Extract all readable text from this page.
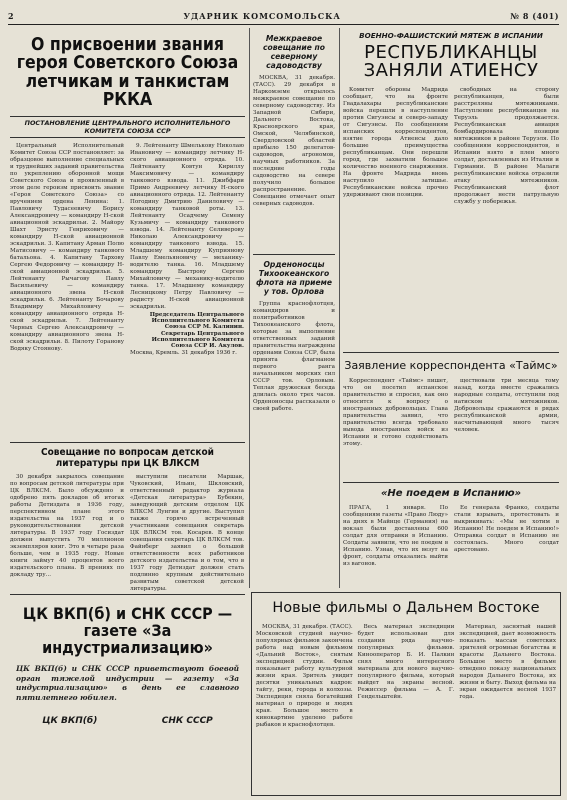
2	УДАРНИК КОМСОМОЛЬСКА	№ 8 (401)
О присвоении звания героя Советского Союза летчикам и танкистам РККА
ПОСТАНОВЛЕНИЕ ЦЕНТРАЛЬНОГО ИСПОЛНИТЕЛЬНОГО КОМИТЕТА СОЮЗА ССР

Центральный Исполнительный Комитет Союза ССР постановляет: за образцовое выполнение специальных и труднейших заданий правительства по укреплению оборонной мощи Советского Союза и проявленный в этом деле героизм присвоить звание «Героя Советского Союза» со вручением ордена Ленина: 1. Павловичу Тудасеевичу Борису Александровичу — командиру Н-ской авиационной эскадрильи. 2. Майору Шахт Эрнсту Генриховичу — командиру Н-ской авиационной эскадрильи. 3. Капитану Арман Полю Матисовичу — командиру танкового батальона. 4. Капитану Тархову Сергею Федоровичу — командиру Н-ской авиационной эскадрильи. 5. Лейтенанту Рычагову Павлу Васильевичу — командиру авиационного звена Н-ской эскадрильи. 6. Лейтенанту Бочарову Владимиру Михайловичу — командиру авиационного отряда Н-ской эскадрильи. 7. Лейтенанту Черных Сергею Александровичу — командиру авиационного звена Н-ской эскадрильи. 8. Пилоту Горанову Водяку Стоянову.

9. Лейтенанту Шмелькову Николаю Ивановичу — командиру летчику Н-ского авиационного отряда. 10. Лейтенанту Ковтун Кириллу Максимовичу — командиру танкового взвода. 11. Джибфари Примо Андреевичу летчику Н-ского авиационного отряда. 12. Лейтенанту Погодину Дмитрию Даниловичу — командиру танковой роты. 13. Лейтенанту Осадчему Семену Кузьмичу — командиру танкового взвода. 14. Лейтенанту Селиверову Николаю Александровичу — командиру танкового взвода. 15. Младшему командиру Куприянову Павлу Емельяновичу — механику-водителю танка. 16. Младшему командиру Быстрову Сергею Михайловичу — механику-водителю танка. 17. Младшему командиру Лесницкому Петру Павловичу — радисту Н-ской авиационной эскадрильи.

Председатель Центрального Исполнительного Комитета Союза ССР М. Калинин.

Секретарь Центрального Исполнительного Комитета Союза ССР И. Акулов.

Москва, Кремль. 31 декабря 1936 г.

Совещание по вопросам детской литературы при ЦК ВЛКСМ

30 декабря закрылось совещание по вопросам детской литературы при ЦК ВЛКСМ. Было обсуждено и одобрено пять докладов об итогах работы Детиздата в 1936 году, перспективном плане этого издательства на 1937 год и о руководительствовании детской литературы. В 1937 году Госиздат должен выпустить 70 миллионов экземпляров книг. Это в четыре раза больше, чем в 1935 году. Новые книги займут 40 процентов всего издательского плана. В прениях по докладу тру...

выступили писатели Маршак, Чуковский, Ильин, Шкловский, ответственный редактор журнала «Детская литература» Бубекин, заведующий детским отделом ЦК ВЛКСМ Лунгин и другие. Выступил также горячо встреченный участниками совещания секретарь ЦК ВЛКСМ тов. Косарев. В конце совещания секретарь ЦК ВЛКСМ тов. Файнберг заявил о большой ответственности всех работников детского издательства и о том, что в 1937 году Детиздат должен стать подлинно крупным действительно развитым советской детской литературы.

ЦК ВКП(б) и СНК СССР — газете «За индустриализацию»

ЦК ВКП(б) и СНК СССР приветствуют боевой орган тяжелой индустрии — газету «За индустриализацию» в день ее славного пятилетнего юбилея.

ЦК ВКП(б)	СНК СССР
Межкраевое совещание по северному садоводству

МОСКВА, 31 декабря. (ТАСС). 29 декабря в Наркомземе открылось межкраевое совещание по северному садоводству. Из Западной Сибири, Дальнего Востока, Красноярского края, Омской, Челябинской, Свердловской областей прибыло 150 делегатов-садоводов, агрономов, научных работников. За последние годы садоводство на севере получило большое распространение. Совещание отмечает опыт северных садоводов.

Орденоносцы Тихоокеанского флота на приеме у тов. Орлова

Группа краснофлотцев, командиров и политработников Тихоокеанского флота, которые за выполнение ответственных заданий правительства награждены орденами Союза ССР, была принята флагманом первого ранга начальником морских сил СССР тов. Орловым. Теплая дружеская беседа длилась около трех часов. Орденоносцы рассказали о своей работе.

ВОЕННО-ФАШИСТСКИЙ МЯТЕЖ В ИСПАНИИ
РЕСПУБЛИКАНЦЫ ЗАНЯЛИ АТИЕНСУ

Комитет обороны Мадрида сообщает, что на фронте Гвадалахары республиканские войска перешли в наступление против Сигуэнсы и северо-западу от Сигуэнсы. По сообщениям испанских корреспондентов, взятие города Атиенсы дало большие преимущества республиканцам. Они перешли город, где захватили большое количество военного снаряжения. На фронте Мадрида вновь наступило затишье. Республиканские войска прочно удерживают свои позиции.

свободных на сторону республиканцев, были расстреляны мятежниками. Наступление республиканцев на Теруэль продолжается. Республиканская авиация бомбардировала позиции мятежников в районе Теруэля. По сообщениям корреспондентов, в Испании взято в плен много солдат, доставленных из Италии и Германии. В районе Малаги республиканские войска отразили атаку мятежников. Республиканский флот продолжает нести патрульную службу у побережья.

Заявление корреспондента «Таймс»

Корреспондент «Таймс» пишет, что он посетил испанское правительство и спросил, как оно относится к вопросу о иностранных добровольцах. Глава правительства заявил, что правительство всегда требовало вывода иностранных войск из Испании и готово содействовать этому.

ществовали три месяца тому назад, когда вместе сражались народные солдаты, отступили под натиском мятежников. Добровольцы сражаются в рядах республиканской армии, насчитывающей много тысяч человек.

«Не поедем в Испанию»

ПРАГА, 1 января. По сообщениям газеты «Право Люду» на днях в Майнце (Германия) на вокзал были доставлены 600 солдат для отправки в Испанию. Солдаты заявили, что не поедем в Испанию. Узнав, что их везут на фронт, солдаты отказались выйти из вагонов.

Ее генерала Франко, солдаты стали взрывать, протестовать и выкрикивать: «Мы не хотим в Испанию! Не поедем в Испанию!» Отправка солдат в Испанию не состоялась. Много солдат арестовано.

Новые фильмы о Дальнем Востоке

МОСКВА, 31 декабря. (ТАСС). Московской студией научно-популярных фильмов закончена работа над новым фильмом «Дальний Восток», снятым экспедицией студии. Фильм показывает работу культурной жизни края. Зритель увидит десятки уникальных кадров: тайгу, реки, города и колхозы. Экспедиция сняла богатейший материал о природе и людях края. Большое место в кинокартине уделено работе рыбаков и краснофлотцев.

Весь материал экспедиции будет использован для создания ряда научно-популярных фильмов. Кинооператор Б. И. Палкин снял много интересного материала для нового научно-популярного фильма, который выйдет на экраны весной. Режиссер фильма — А. Г. Гендельштейн.

Материал, заснятый нашей экспедицией, дает возможность показать массам советских зрителей огромные богатства и красоты Дальнего Востока. Большое место в фильме отведено показу национальных народов Дальнего Востока, их жизни и быту. Выход фильма на экран ожидается весной 1937 года.
